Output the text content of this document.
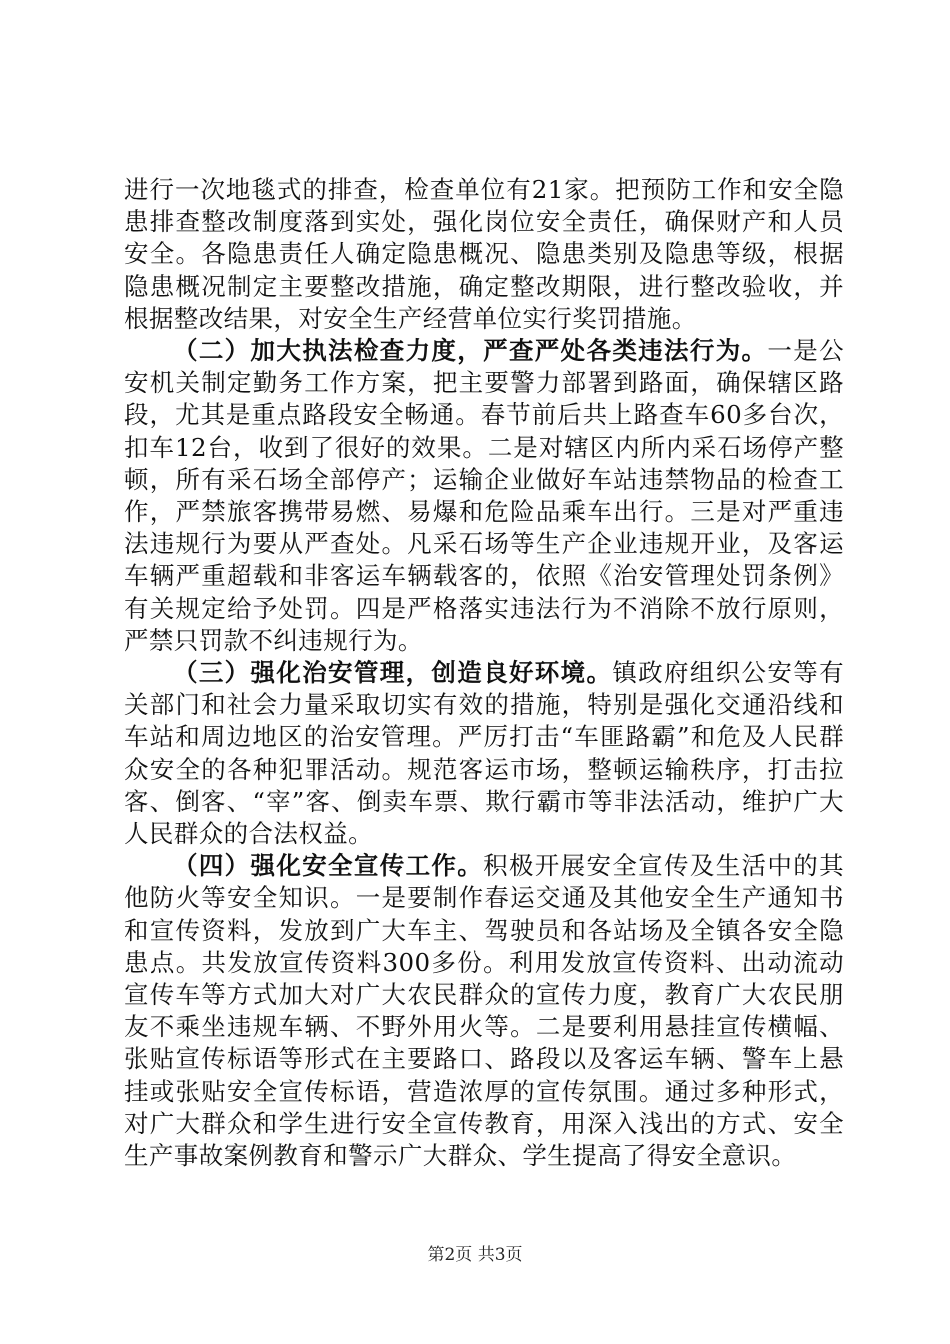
进行一次地毯式的排查，检查单位有21家。把预防工作和安全隐患排查整改制度落到实处，强化岗位安全责任，确保财产和人员安全。各隐患责任人确定隐患概况、隐患类别及隐患等级，根据隐患概况制定主要整改措施，确定整改期限，进行整改验收，并根据整改结果，对安全生产经营单位实行奖罚措施。

（二）加大执法检查力度，严查严处各类违法行为。一是公安机关制定勤务工作方案，把主要警力部署到路面，确保辖区路段，尤其是重点路段安全畅通。春节前后共上路查车60多台次，扣车12台，收到了很好的效果。二是对辖区内所内采石场停产整顿，所有采石场全部停产；运输企业做好车站违禁物品的检查工作，严禁旅客携带易燃、易爆和危险品乘车出行。三是对严重违法违规行为要从严查处。凡采石场等生产企业违规开业，及客运车辆严重超载和非客运车辆载客的，依照《治安管理处罚条例》有关规定给予处罚。四是严格落实违法行为不消除不放行原则，严禁只罚款不纠违规行为。

（三）强化治安管理，创造良好环境。镇政府组织公安等有关部门和社会力量采取切实有效的措施，特别是强化交通沿线和车站和周边地区的治安管理。严厉打击“车匪路霸”和危及人民群众安全的各种犯罪活动。规范客运市场，整顿运输秩序，打击拉客、倒客、“宰”客、倒卖车票、欺行霸市等非法活动，维护广大人民群众的合法权益。

（四）强化安全宣传工作。积极开展安全宣传及生活中的其他防火等安全知识。一是要制作春运交通及其他安全生产通知书和宣传资料，发放到广大车主、驾驶员和各站场及全镇各安全隐患点。共发放宣传资料300多份。利用发放宣传资料、出动流动宣传车等方式加大对广大农民群众的宣传力度，教育广大农民朋友不乘坐违规车辆、不野外用火等。二是要利用悬挂宣传横幅、张贴宣传标语等形式在主要路口、路段以及客运车辆、警车上悬挂或张贴安全宣传标语，营造浓厚的宣传氛围。通过多种形式，对广大群众和学生进行安全宣传教育，用深入浅出的方式、安全生产事故案例教育和警示广大群众、学生提高了得安全意识。

第2页 共3页
